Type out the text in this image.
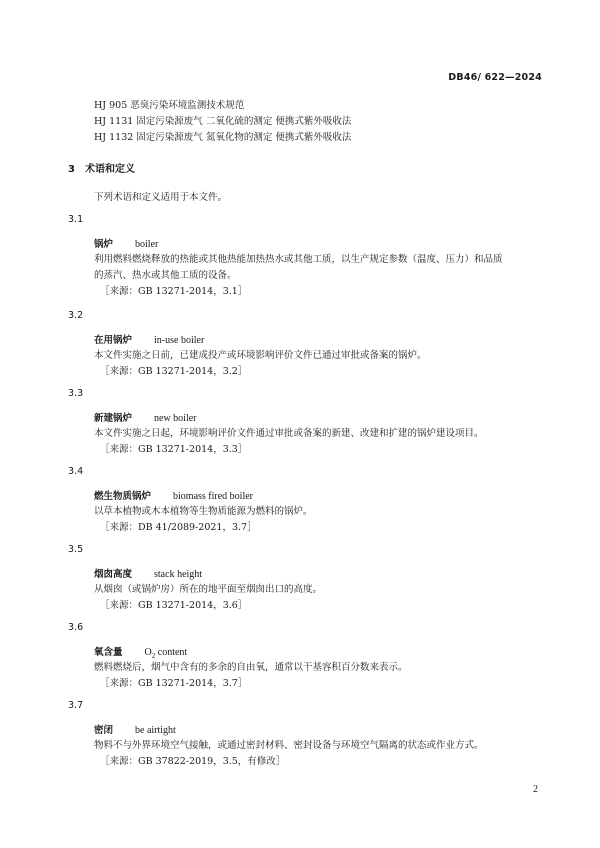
DB46/ 622—2024
HJ 905 恶臭污染环境监测技术规范
HJ 1131 固定污染源废气 二氧化硫的测定 便携式紫外吸收法
HJ 1132 固定污染源废气 氮氧化物的测定 便携式紫外吸收法
3 术语和定义
下列术语和定义适用于本文件。
3.1
锅炉 boiler
利用燃料燃烧释放的热能或其他热能加热热水或其他工质，以生产规定参数（温度、压力）和品质
的蒸汽、热水或其他工质的设备。
［来源：GB 13271-2014，3.1］
3.2
在用锅炉 in-use boiler
本文件实施之日前，已建成投产或环境影响评价文件已通过审批或备案的锅炉。
［来源：GB 13271-2014，3.2］
3.3
新建锅炉 new boiler
本文件实施之日起，环境影响评价文件通过审批或备案的新建、改建和扩建的锅炉建设项目。
［来源：GB 13271-2014，3.3］
3.4
燃生物质锅炉 biomass fired boiler
以草本植物或木本植物等生物质能源为燃料的锅炉。
［来源：DB 41/2089-2021，3.7］
3.5
烟囱高度 stack height
从烟囱（或锅炉房）所在的地平面至烟囱出口的高度。
［来源：GB 13271-2014，3.6］
3.6
氧含量 $O_2$ content
燃料燃烧后，烟气中含有的多余的自由氧，通常以干基容积百分数来表示。
［来源：GB 13271-2014，3.7］
3.7
密闭 be airtight
物料不与外界环境空气接触，或通过密封材料、密封设备与环境空气隔离的状态或作业方式。
［来源：GB 37822-2019，3.5，有修改］
2
